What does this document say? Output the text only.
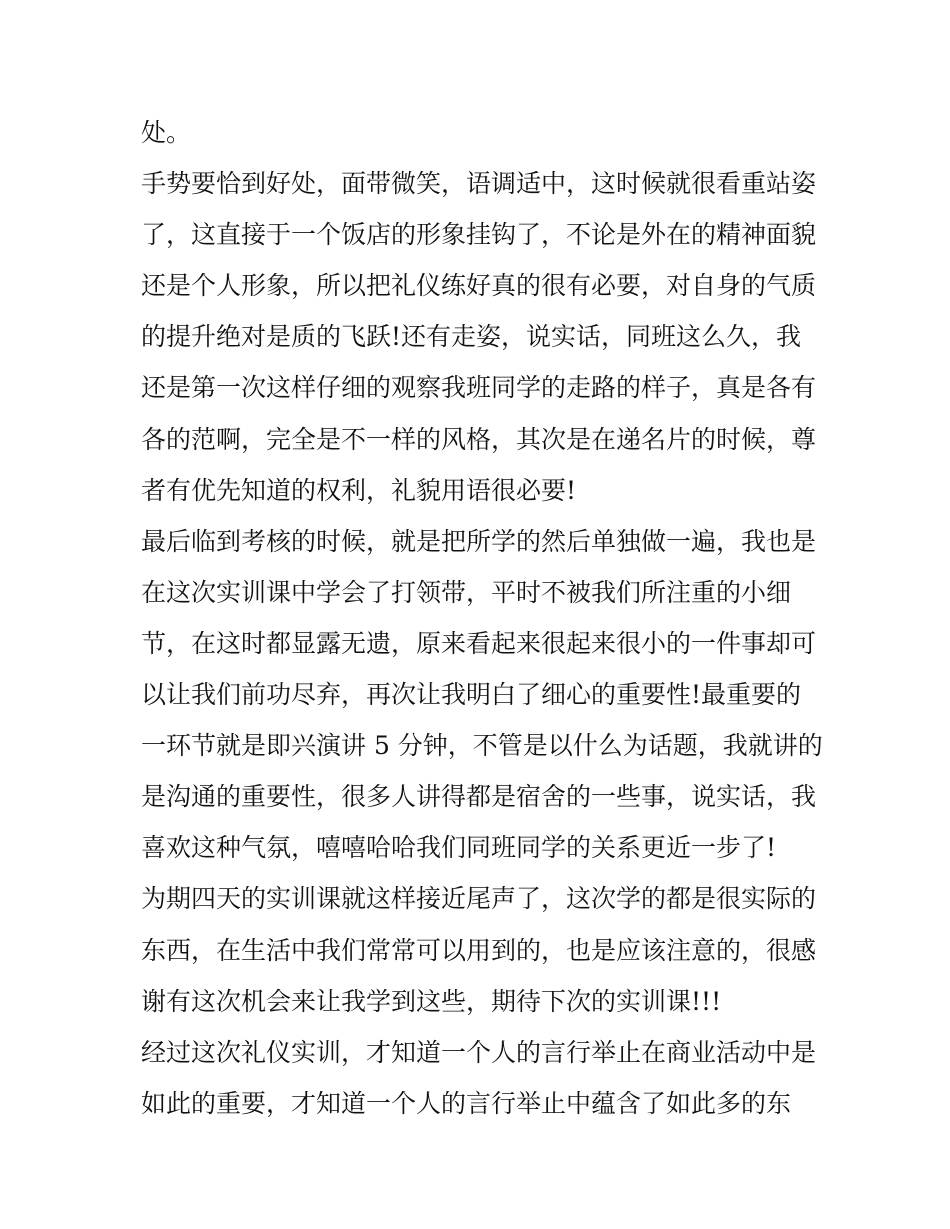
处。
手势要恰到好处，面带微笑，语调适中，这时候就很看重站姿
了，这直接于一个饭店的形象挂钩了，不论是外在的精神面貌
还是个人形象，所以把礼仪练好真的很有必要，对自身的气质
的提升绝对是质的飞跃!还有走姿，说实话，同班这么久，我
还是第一次这样仔细的观察我班同学的走路的样子，真是各有
各的范啊，完全是不一样的风格，其次是在递名片的时候，尊
者有优先知道的权利，礼貌用语很必要!
最后临到考核的时候，就是把所学的然后单独做一遍，我也是
在这次实训课中学会了打领带，平时不被我们所注重的小细
节，在这时都显露无遗，原来看起来很起来很小的一件事却可
以让我们前功尽弃，再次让我明白了细心的重要性!最重要的
一环节就是即兴演讲 5 分钟，不管是以什么为话题，我就讲的
是沟通的重要性，很多人讲得都是宿舍的一些事，说实话，我
喜欢这种气氛，嘻嘻哈哈我们同班同学的关系更近一步了!
为期四天的实训课就这样接近尾声了，这次学的都是很实际的
东西，在生活中我们常常可以用到的，也是应该注意的，很感
谢有这次机会来让我学到这些，期待下次的实训课!!!
经过这次礼仪实训，才知道一个人的言行举止在商业活动中是
如此的重要，才知道一个人的言行举止中蕴含了如此多的东
